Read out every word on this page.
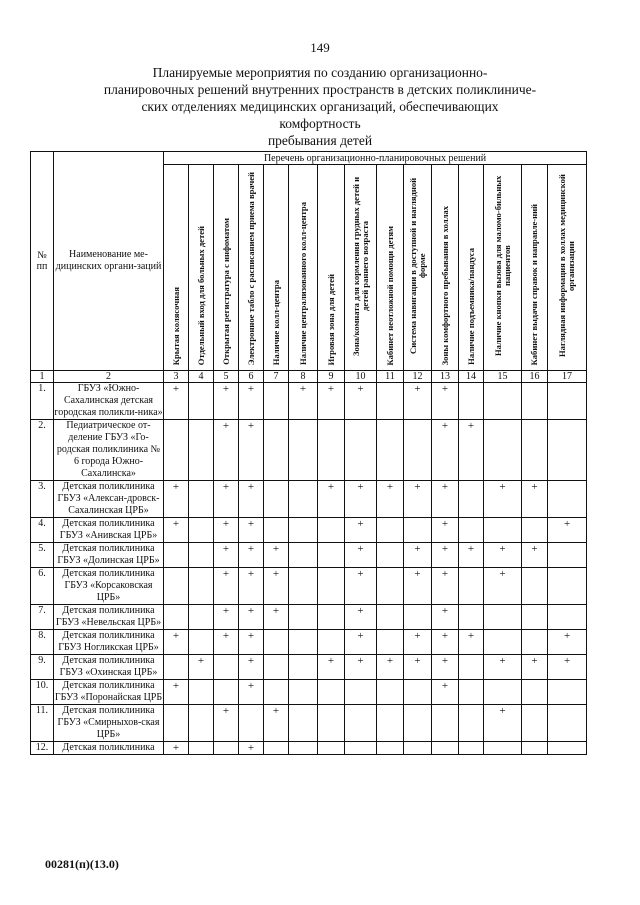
149
Планируемые мероприятия по созданию организационно-
планировочных решений внутренних пространств в детских поликлиниче-
ских отделениях медицинских организаций, обеспечивающих комфортность
пребывания детей
№ пп	Наименование ме-дицинских органи-заций	Перечень организационно-планировочных решений														
		Крытая колясочная	Отдельный вход для больных детей	Открытая регистратура с инфоматом	Электронное табло с расписанием приема врачей	Наличие колл-центра	Наличие централизованного колл-центра	Игровая зона для детей	Зона/комната для кормления грудных детей и детей раннего возраста	Кабинет неотложной помощи детям	Система навигации в доступной и наглядной форме	Зоны комфортного пребывания в холлах	Наличие подъемника/пандуса	Наличие кнопки вызова для маломо-бильных пациентов	Кабинет выдачи справок и направле-ний	Наглядная информация в холлах медицинской организации
1	2	3	4	5	6	7	8	9	10	11	12	13	14	15	16	17
1.	ГБУЗ «Южно-Сахалинская детская городская поликли-ника»	+		+	+		+	+	+		+	+				
2.	Педиатрическое от-деление ГБУЗ «Го-родская поликлиника № 6 города Южно-Сахалинска»			+	+							+	+			
3.	Детская поликлиника ГБУЗ «Алексан-дровск-Сахалинская ЦРБ»	+		+	+			+	+	+	+	+		+	+	
4.	Детская поликлиника ГБУЗ «Анивская ЦРБ»	+		+	+				+			+				+
5.	Детская поликлиника ГБУЗ «Долинская ЦРБ»			+	+	+			+		+	+	+	+	+	
6.	Детская поликлиника ГБУЗ «Корсаковская ЦРБ»			+	+	+			+		+	+		+		
7.	Детская поликлиника ГБУЗ «Невельская ЦРБ»			+	+	+			+			+				
8.	Детская поликлиника ГБУЗ Ногликская ЦРБ»	+		+	+				+		+	+	+			+
9.	Детская поликлиника ГБУЗ «Охинская ЦРБ»		+		+			+	+	+	+	+		+	+	+
10.	Детская поликлиника ГБУЗ «Поронайская ЦРБ	+			+							+				
11.	Детская поликлиника ГБУЗ «Смирныхов-ская ЦРБ»			+		+								+		
12.	Детская поликлиника	+			+											
00281(п)(13.0)
